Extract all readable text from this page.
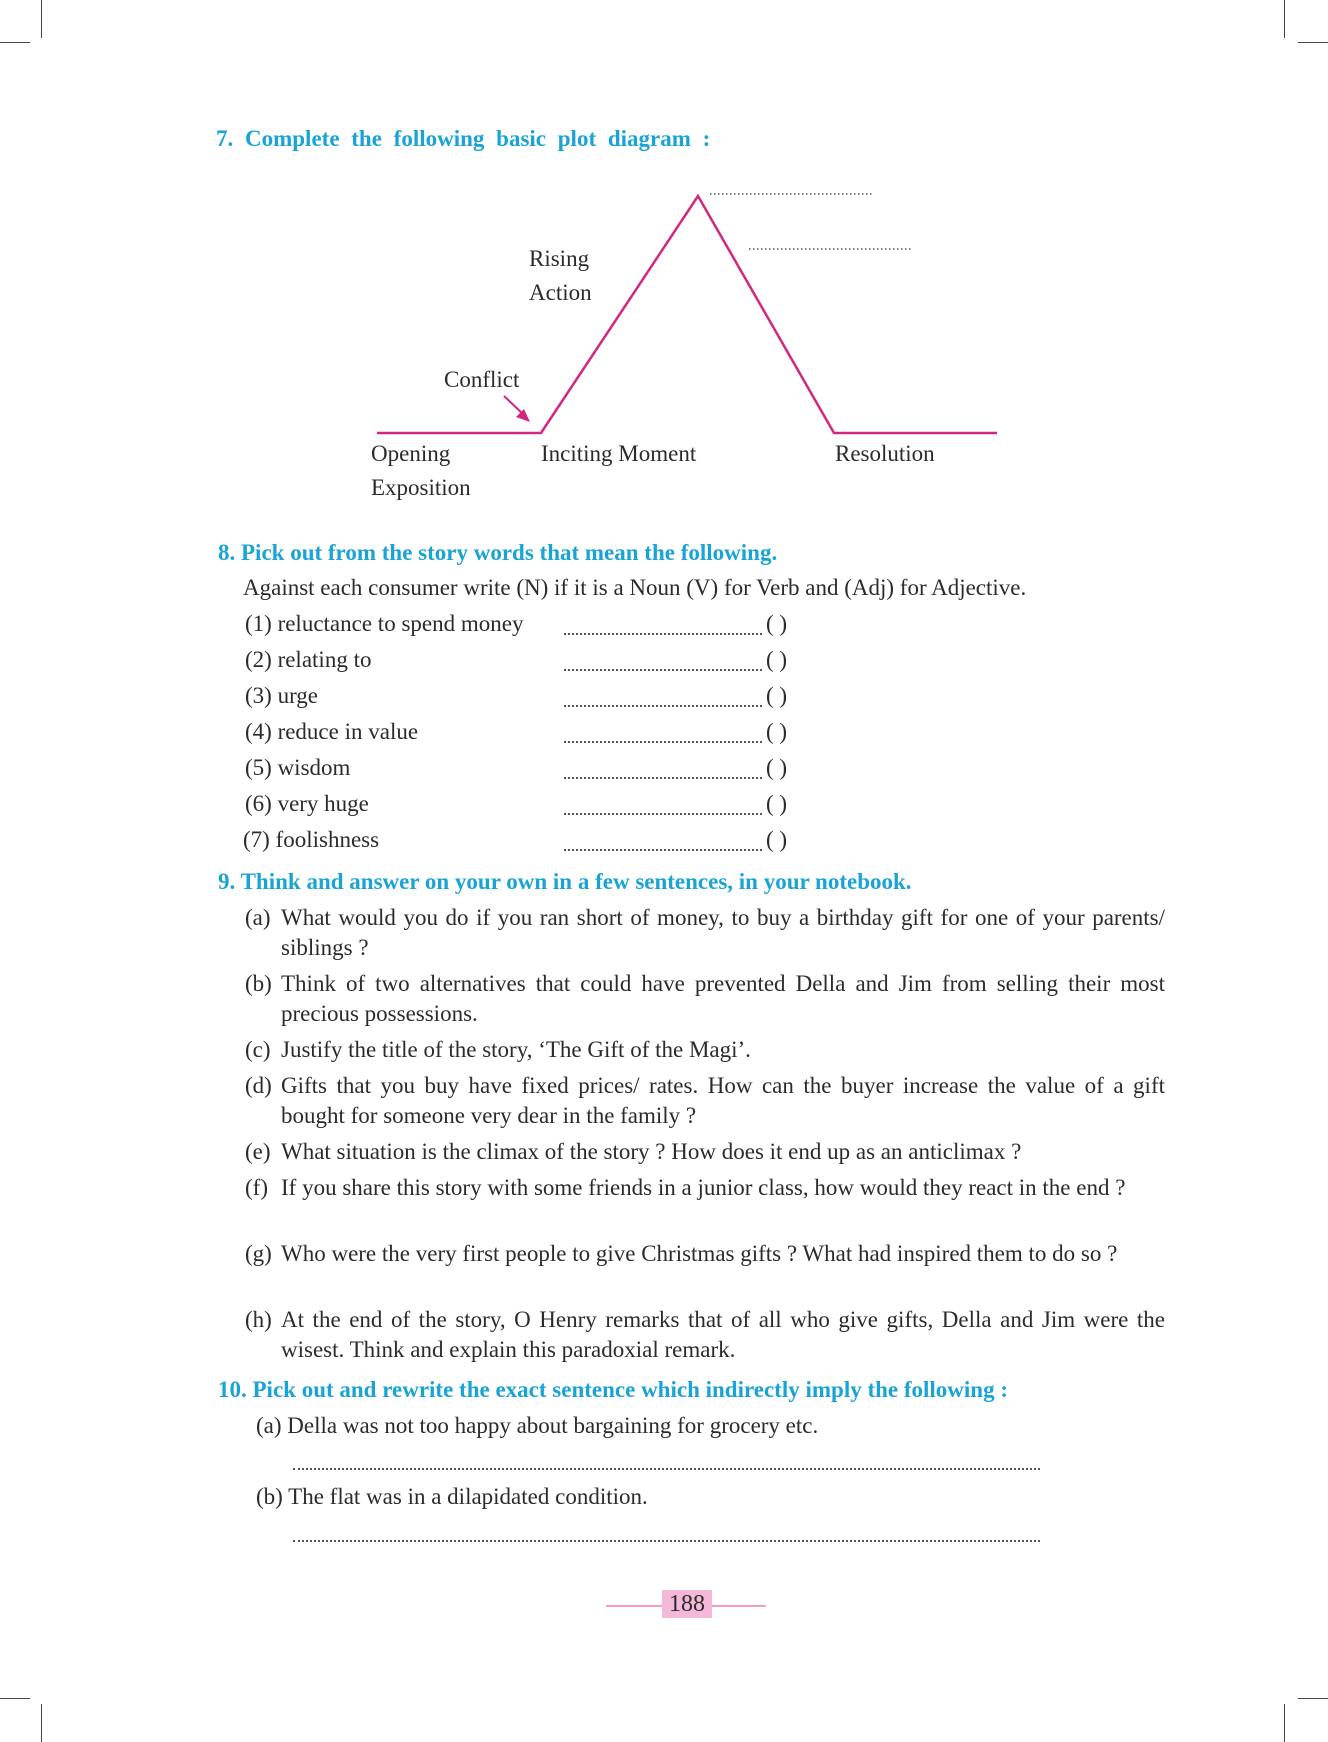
7. Complete the following basic plot diagram :
Rising
Action
Conflict
Opening
Exposition
Inciting Moment	Resolution
8. Pick out from the story words that mean the following.
Against each consumer write (N) if it is a Noun (V) for Verb and (Adj) for Adjective.
(1) reluctance to spend money	( )
(2) relating to	( )
(3) urge	( )
(4) reduce in value	( )
(5) wisdom	( )
(6) very huge	( )
(7) foolishness	( )
9. Think and answer on your own in a few sentences, in your notebook.
(a) What would you do if you ran short of money, to buy a birthday gift for one of your parents/ siblings ?
(b) Think of two alternatives that could have prevented Della and Jim from selling their most precious possessions.
(c) Justify the title of the story, ‘The Gift of the Magi’.
(d) Gifts that you buy have fixed prices/ rates. How can the buyer increase the value of a gift bought for someone very dear in the family ?
(e) What situation is the climax of the story ? How does it end up as an anticlimax ?
(f) If you share this story with some friends in a junior class, how would they react in the end ?
(g) Who were the very first people to give Christmas gifts ? What had inspired them to do so ?
(h) At the end of the story, O Henry remarks that of all who give gifts, Della and Jim were the wisest. Think and explain this paradoxial remark.
10. Pick out and rewrite the exact sentence which indirectly imply the following :
(a) Della was not too happy about bargaining for grocery etc.
(b) The flat was in a dilapidated condition.
188
